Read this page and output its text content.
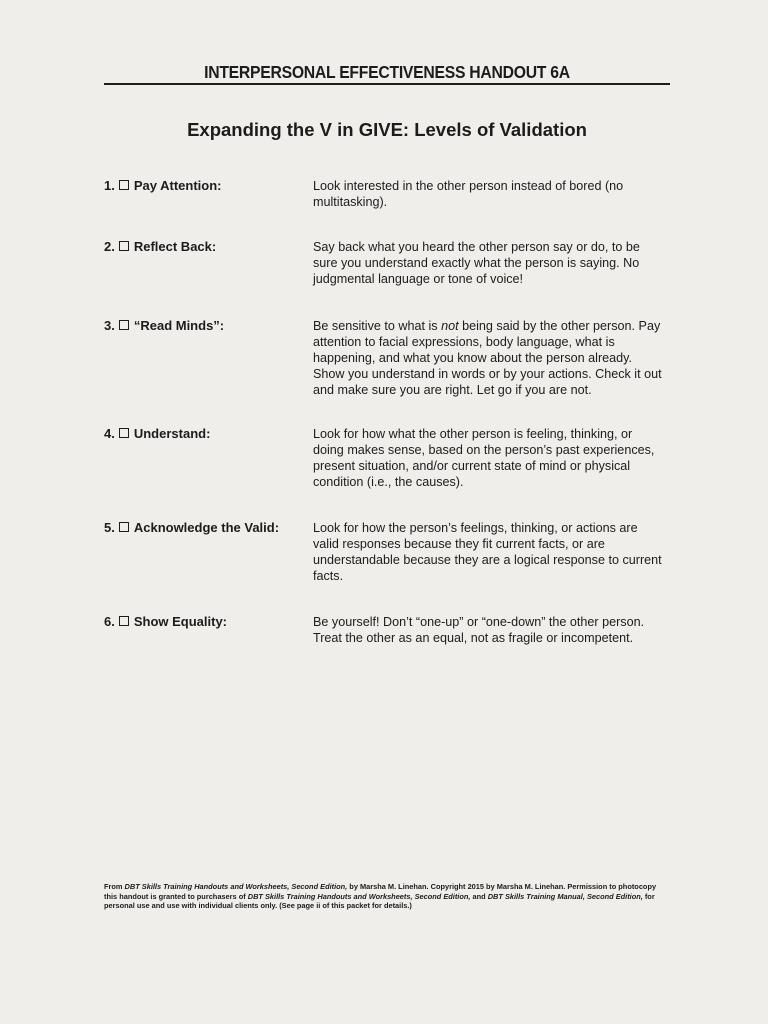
INTERPERSONAL EFFECTIVENESS HANDOUT 6A
Expanding the V in GIVE: Levels of Validation
1. Pay Attention:	Look interested in the other person instead of bored (no multitasking).
2. Reflect Back:	Say back what you heard the other person say or do, to be sure you understand exactly what the person is saying. No judgmental language or tone of voice!
3. “Read Minds”:	Be sensitive to what is not being said by the other person. Pay attention to facial expressions, body language, what is happening, and what you know about the person already. Show you understand in words or by your actions. Check it out and make sure you are right. Let go if you are not.
4. Understand:	Look for how what the other person is feeling, thinking, or doing makes sense, based on the person’s past experiences, present situation, and/or current state of mind or physical condition (i.e., the causes).
5. Acknowledge the Valid:	Look for how the person’s feelings, thinking, or actions are valid responses because they fit current facts, or are understandable because they are a logical response to current facts.
6. Show Equality:	Be yourself! Don’t “one-up” or “one-down” the other person. Treat the other as an equal, not as fragile or incompetent.
From DBT Skills Training Handouts and Worksheets, Second Edition, by Marsha M. Linehan. Copyright 2015 by Marsha M. Linehan. Permission to photocopy this handout is granted to purchasers of DBT Skills Training Handouts and Worksheets, Second Edition, and DBT Skills Training Manual, Second Edition, for personal use and use with individual clients only. (See page ii of this packet for details.)
